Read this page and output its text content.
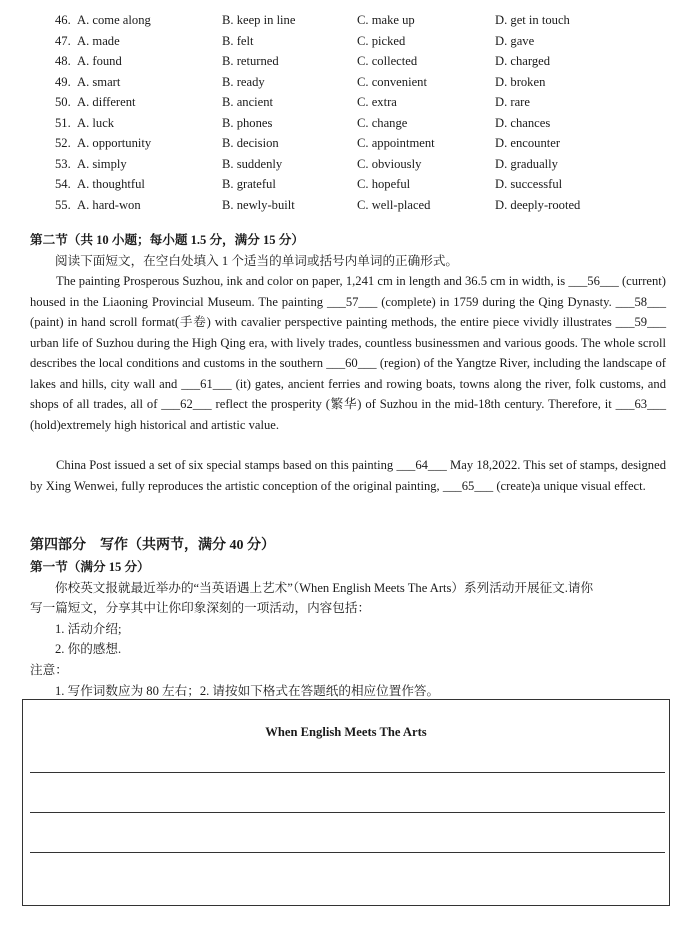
46. A. come along	B. keep in line	C. make up	D. get in touch
47. A. made	B. felt	C. picked	D. gave
48. A. found	B. returned	C. collected	D. charged
49. A. smart	B. ready	C. convenient	D. broken
50. A. different	B. ancient	C. extra	D. rare
51. A. luck	B. phones	C. change	D. chances
52. A. opportunity	B. decision	C. appointment	D. encounter
53. A. simply	B. suddenly	C. obviously	D. gradually
54. A. thoughtful	B. grateful	C. hopeful	D. successful
55. A. hard-won	B. newly-built	C. well-placed	D. deeply-rooted
第二节（共 10 小题；每小题 1.5 分，满分 15 分）
阅读下面短文，在空白处填入 1 个适当的单词或括号内单词的正确形式。

The painting Prosperous Suzhou, ink and color on paper, 1,241 cm in length and 36.5 cm in width, is ___56___ (current) housed in the Liaoning Provincial Museum. The painting ___57___ (complete) in 1759 during the Qing Dynasty. ___58___ (paint) in hand scroll format(手卷) with cavalier perspective painting methods, the entire piece vividly illustrates ___59___ urban life of Suzhou during the High Qing era, with lively trades, countless businessmen and various goods. The whole scroll describes the local conditions and customs in the southern ___60___ (region) of the Yangtze River, including the landscape of lakes and hills, city wall and ___61___ (it) gates, ancient ferries and rowing boats, towns along the river, folk customs, and shops of all trades, all of ___62___ reflect the prosperity (繁华) of Suzhou in the mid-18th century. Therefore, it ___63___ (hold)extremely high historical and artistic value.

China Post issued a set of six special stamps based on this painting ___64___ May 18,2022. This set of stamps, designed by Xing Wenwei, fully reproduces the artistic conception of the original painting, ___65___ (create)a unique visual effect.

第四部分　写作（共两节，满分 40 分）
第一节（满分 15 分）
你校英文报就最近举办的“当英语遇上艺术”（When English Meets The Arts）系列活动开展征文.请你
写一篇短文，分享其中让你印象深刻的一项活动，内容包括：
1. 活动介绍;
2. 你的感想.
注意：
1. 写作词数应为 80 左右；2. 请按如下格式在答题纸的相应位置作答。
When English Meets The Arts
